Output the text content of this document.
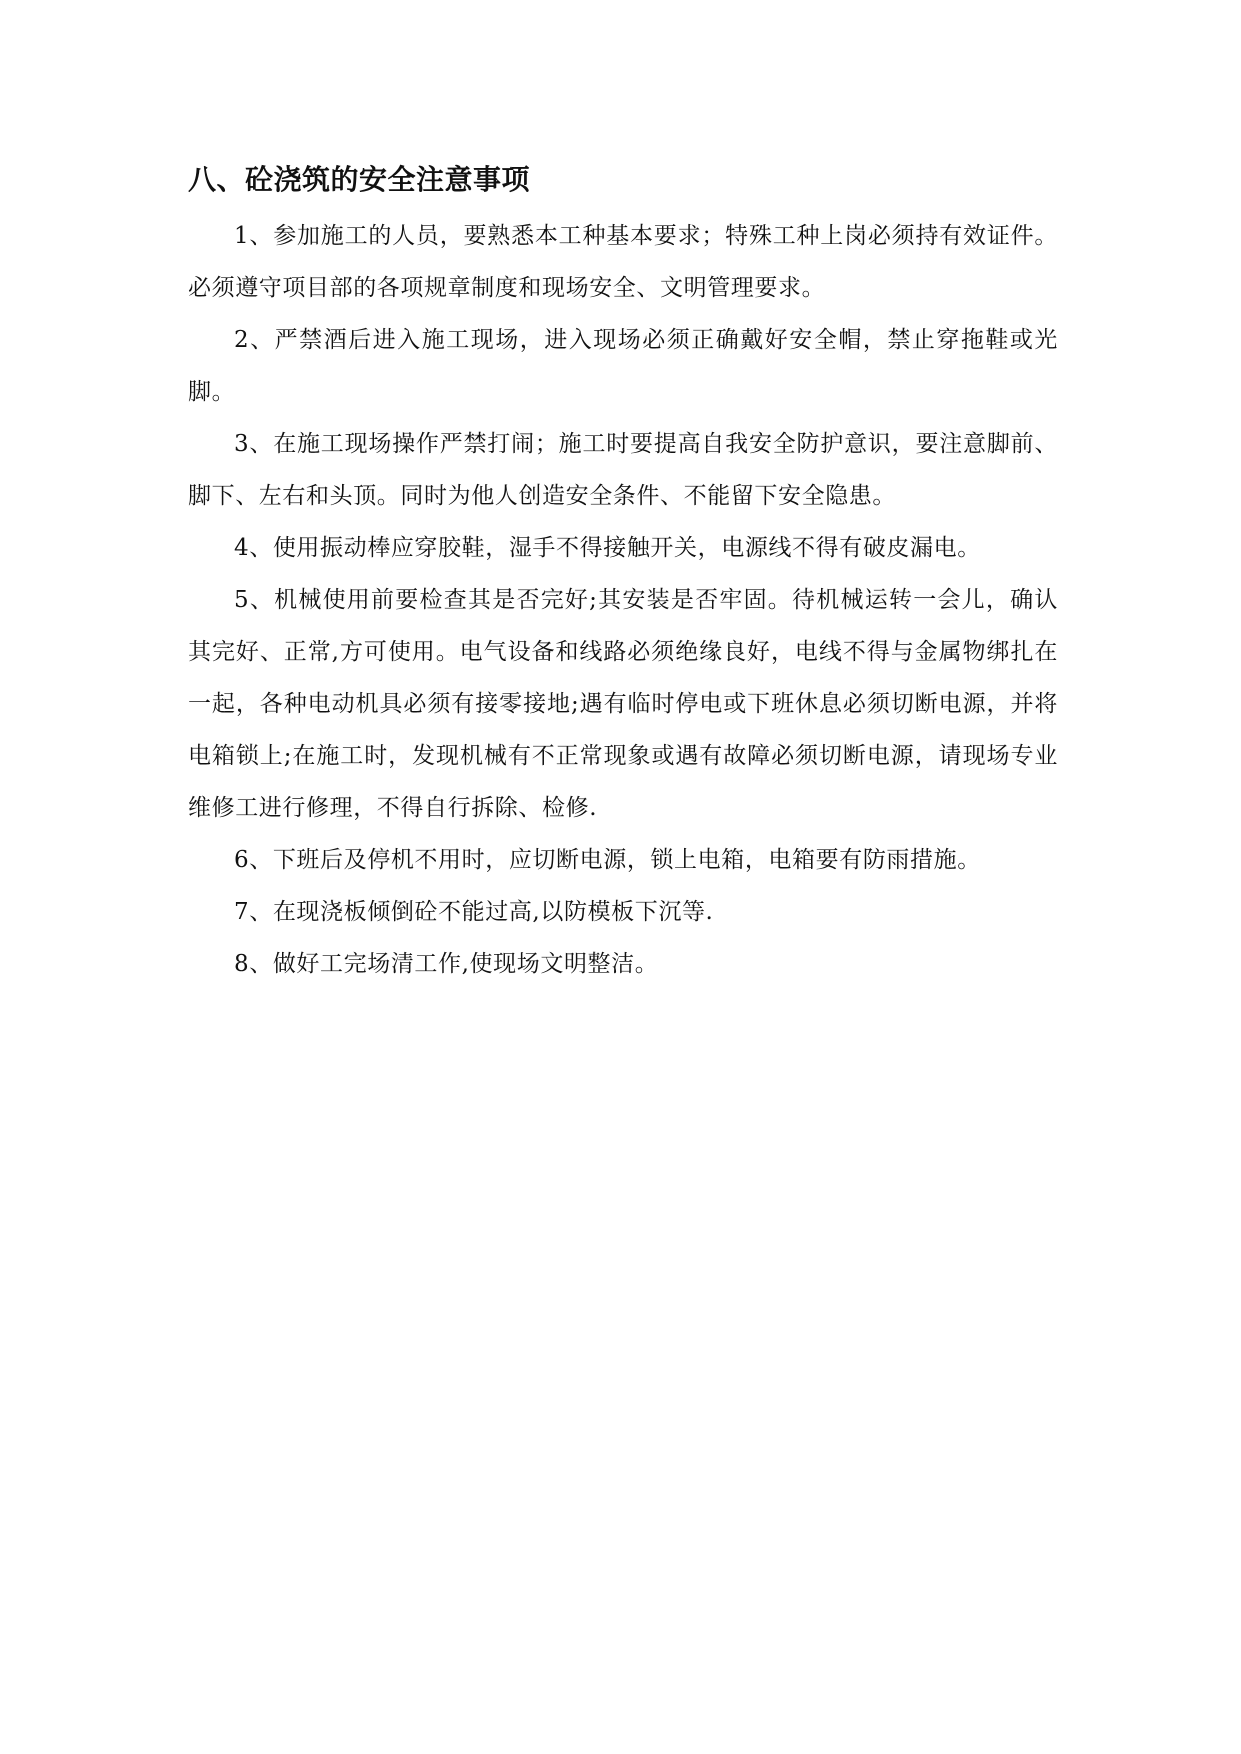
八、砼浇筑的安全注意事项

1、参加施工的人员，要熟悉本工种基本要求；特殊工种上岗必须持有效证件。必须遵守项目部的各项规章制度和现场安全、文明管理要求。

2、严禁酒后进入施工现场，进入现场必须正确戴好安全帽，禁止穿拖鞋或光脚。

3、在施工现场操作严禁打闹；施工时要提高自我安全防护意识，要注意脚前、脚下、左右和头顶。同时为他人创造安全条件、不能留下安全隐患。

4、使用振动棒应穿胶鞋，湿手不得接触开关，电源线不得有破皮漏电。

5、机械使用前要检查其是否完好;其安装是否牢固。待机械运转一会儿，确认其完好、正常,方可使用。电气设备和线路必须绝缘良好，电线不得与金属物绑扎在一起，各种电动机具必须有接零接地;遇有临时停电或下班休息必须切断电源，并将电箱锁上;在施工时，发现机械有不正常现象或遇有故障必须切断电源，请现场专业维修工进行修理，不得自行拆除、检修.

6、下班后及停机不用时，应切断电源，锁上电箱，电箱要有防雨措施。

7、在现浇板倾倒砼不能过高,以防模板下沉等.

8、做好工完场清工作,使现场文明整洁。
